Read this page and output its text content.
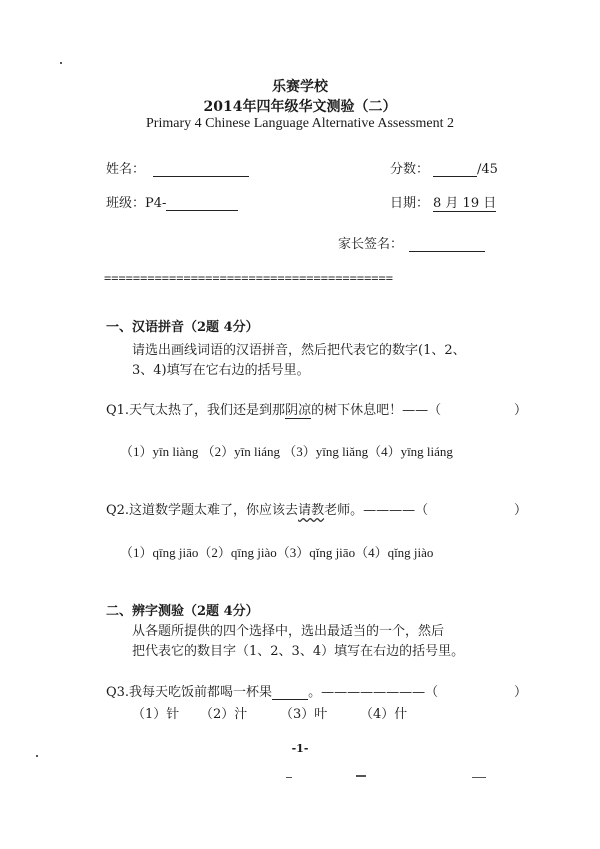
乐赛学校
2014年四年级华文测验（二）
Primary 4 Chinese Language Alternative Assessment 2
姓名：	分数：	/45
班级：P4-	日期： 8 月 19 日
家长签名：
========================================
一、汉语拼音（2题 4分）
请选出画线词语的汉语拼音，然后把代表它的数字(1、2、
3、4)填写在它右边的括号里。
Q1.天气太热了，我们还是到那阴凉的树下休息吧！——（	）
（1）yīn liàng （2）yīn liáng （3）yīng liǎng（4）yīng liáng
Q2.这道数学题太难了，你应该去请教老师。————（	）
（1）qīng jiāo（2）qīng jiào（3）qǐng jiāo（4）qǐng jiào
二、辨字测验（2题 4分）
从各题所提供的四个选择中，选出最适当的一个，然后
把代表它的数目字（1、2、3、4）填写在右边的括号里。
Q3.我每天吃饭前都喝一杯果	。————————（	）
（1）针 （2）汁	（3）叶	（4）什
-1-
